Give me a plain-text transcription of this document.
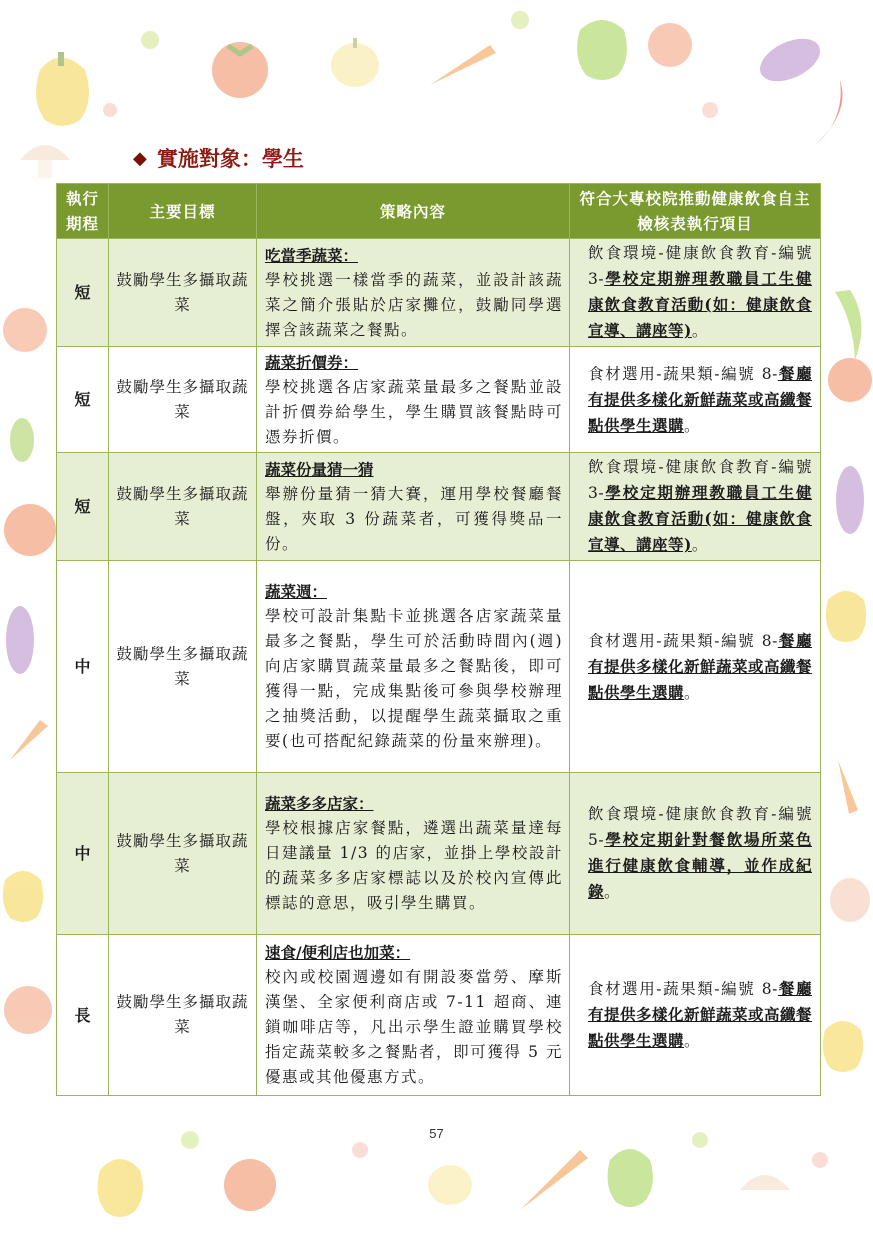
◆ 實施對象：學生
執行期程	主要目標	策略內容	符合大專校院推動健康飲食自主檢核表執行項目
短	鼓勵學生多攝取蔬菜	吃當季蔬菜：
學校挑選一樣當季的蔬菜，並設計該蔬菜之簡介張貼於店家攤位，鼓勵同學選擇含該蔬菜之餐點。	飲食環境-健康飲食教育-編號 3-學校定期辦理教職員工生健康飲食教育活動(如：健康飲食宣導、講座等)。
短	鼓勵學生多攝取蔬菜	蔬菜折價券：
學校挑選各店家蔬菜量最多之餐點並設計折價券給學生，學生購買該餐點時可憑券折價。	食材選用-蔬果類-編號 8-餐廳有提供多樣化新鮮蔬菜或高纖餐點供學生選購。
短	鼓勵學生多攝取蔬菜	蔬菜份量猜一猜
舉辦份量猜一猜大賽，運用學校餐廳餐盤，夾取 3 份蔬菜者，可獲得獎品一份。	飲食環境-健康飲食教育-編號 3-學校定期辦理教職員工生健康飲食教育活動(如：健康飲食宣導、講座等)。
中	鼓勵學生多攝取蔬菜	蔬菜週：
學校可設計集點卡並挑選各店家蔬菜量最多之餐點，學生可於活動時間內(週)向店家購買蔬菜量最多之餐點後，即可獲得一點，完成集點後可參與學校辦理之抽獎活動，以提醒學生蔬菜攝取之重要(也可搭配紀錄蔬菜的份量來辦理)。	食材選用-蔬果類-編號 8-餐廳有提供多樣化新鮮蔬菜或高纖餐點供學生選購。
中	鼓勵學生多攝取蔬菜	蔬菜多多店家：
學校根據店家餐點，遴選出蔬菜量達每日建議量 1/3 的店家，並掛上學校設計的蔬菜多多店家標誌以及於校內宣傳此標誌的意思，吸引學生購買。	飲食環境-健康飲食教育-編號 5-學校定期針對餐飲場所菜色進行健康飲食輔導，並作成紀錄。
長	鼓勵學生多攝取蔬菜	速食/便利店也加菜：
校內或校園週邊如有開設麥當勞、摩斯漢堡、全家便利商店或 7-11 超商、連鎖咖啡店等，凡出示學生證並購買學校指定蔬菜較多之餐點者，即可獲得 5 元優惠或其他優惠方式。	食材選用-蔬果類-編號 8-餐廳有提供多樣化新鮮蔬菜或高纖餐點供學生選購。
57
